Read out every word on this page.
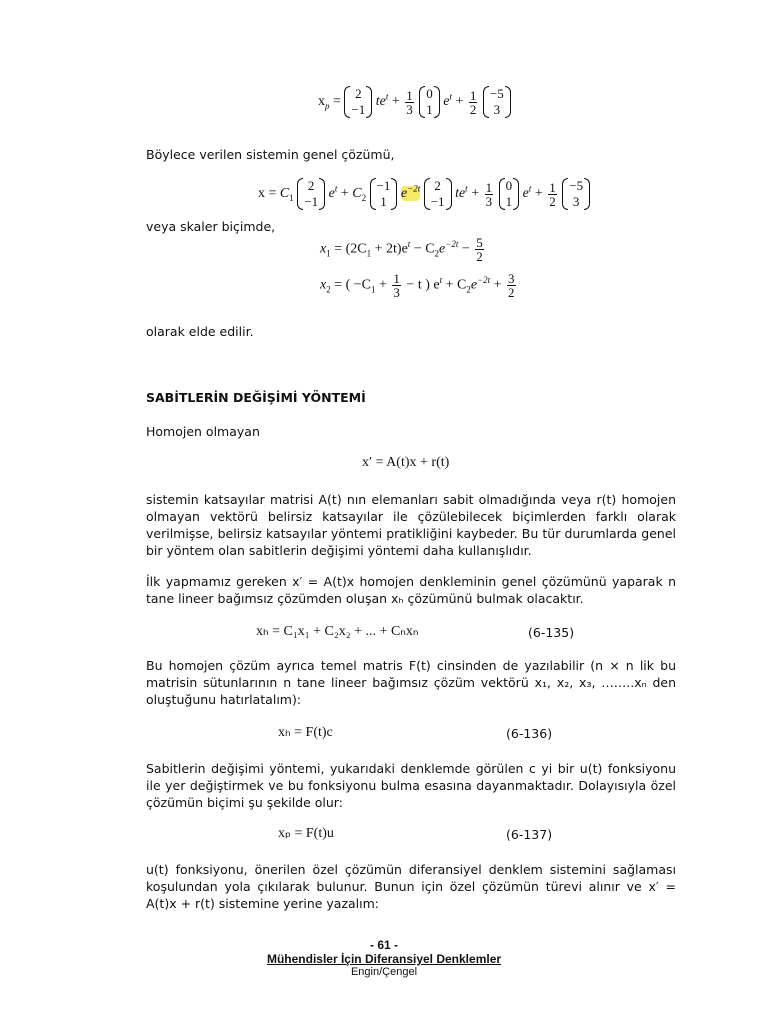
$x_p$ =
2
−1
$te^t + \frac{1}{3}$
0
1
$e^t + \frac{1}{2}$
−5
3
Böylece verilen sistemin genel çözümü,
$x = C_1$
2
−1
$e^t + C_2$
−1
1
$e^{-2t}$ 2
−1
$te^t + \frac{1}{3}$
0
1
$e^t + \frac{1}{2}$
−5
3
veya skaler biçimde,
$x_1 = (2C_1 + 2t)e^t - C_2e^{-2t} - \frac{5}{2}$
$x_2$ = ( $-C_1 + \frac{1}{3} - t$ ) $e^t + C_2e^{-2t} + \frac{3}{2}$
olarak elde edilir.
SABİTLERİN DEĞİŞİMİ YÖNTEMİ
Homojen olmayan
x′ = A(t)x + r(t)
sistemin katsayılar matrisi A(t) nın elemanları sabit olmadığında veya r(t) homojen olmayan vektörü belirsiz katsayılar ile çözülebilecek biçimlerden farklı olarak verilmişse, belirsiz katsayılar yöntemi pratikliğini kaybeder. Bu tür durumlarda genel bir yöntem olan sabitlerin değişimi yöntemi daha kullanışlıdır.
İlk yapmamız gereken x′ = A(t)x homojen denkleminin genel çözümünü yaparak n tane lineer bağımsız çözümden oluşan xₕ çözümünü bulmak olacaktır.
xₕ = C₁x₁ + C₂x₂ + ... + Cₙxₙ	(6-135)
Bu homojen çözüm ayrıca temel matris F(t) cinsinden de yazılabilir (n × n lik bu matrisin sütunlarının n tane lineer bağımsız çözüm vektörü x₁, x₂, x₃, ……..xₙ den oluştuğunu hatırlatalım):
xₕ = F(t)c	(6-136)
Sabitlerin değişimi yöntemi, yukarıdaki denklemde görülen c yi bir u(t) fonksiyonu ile yer değiştirmek ve bu fonksiyonu bulma esasına dayanmaktadır. Dolayısıyla özel çözümün biçimi şu şekilde olur:
xₚ = F(t)u	(6-137)
u(t) fonksiyonu, önerilen özel çözümün diferansiyel denklem sistemini sağlaması koşulundan yola çıkılarak bulunur. Bunun için özel çözümün türevi alınır ve x′ = A(t)x + r(t) sistemine yerine yazalım:
- 61 -
Mühendisler İçin Diferansiyel Denklemler
Engin/Çengel
